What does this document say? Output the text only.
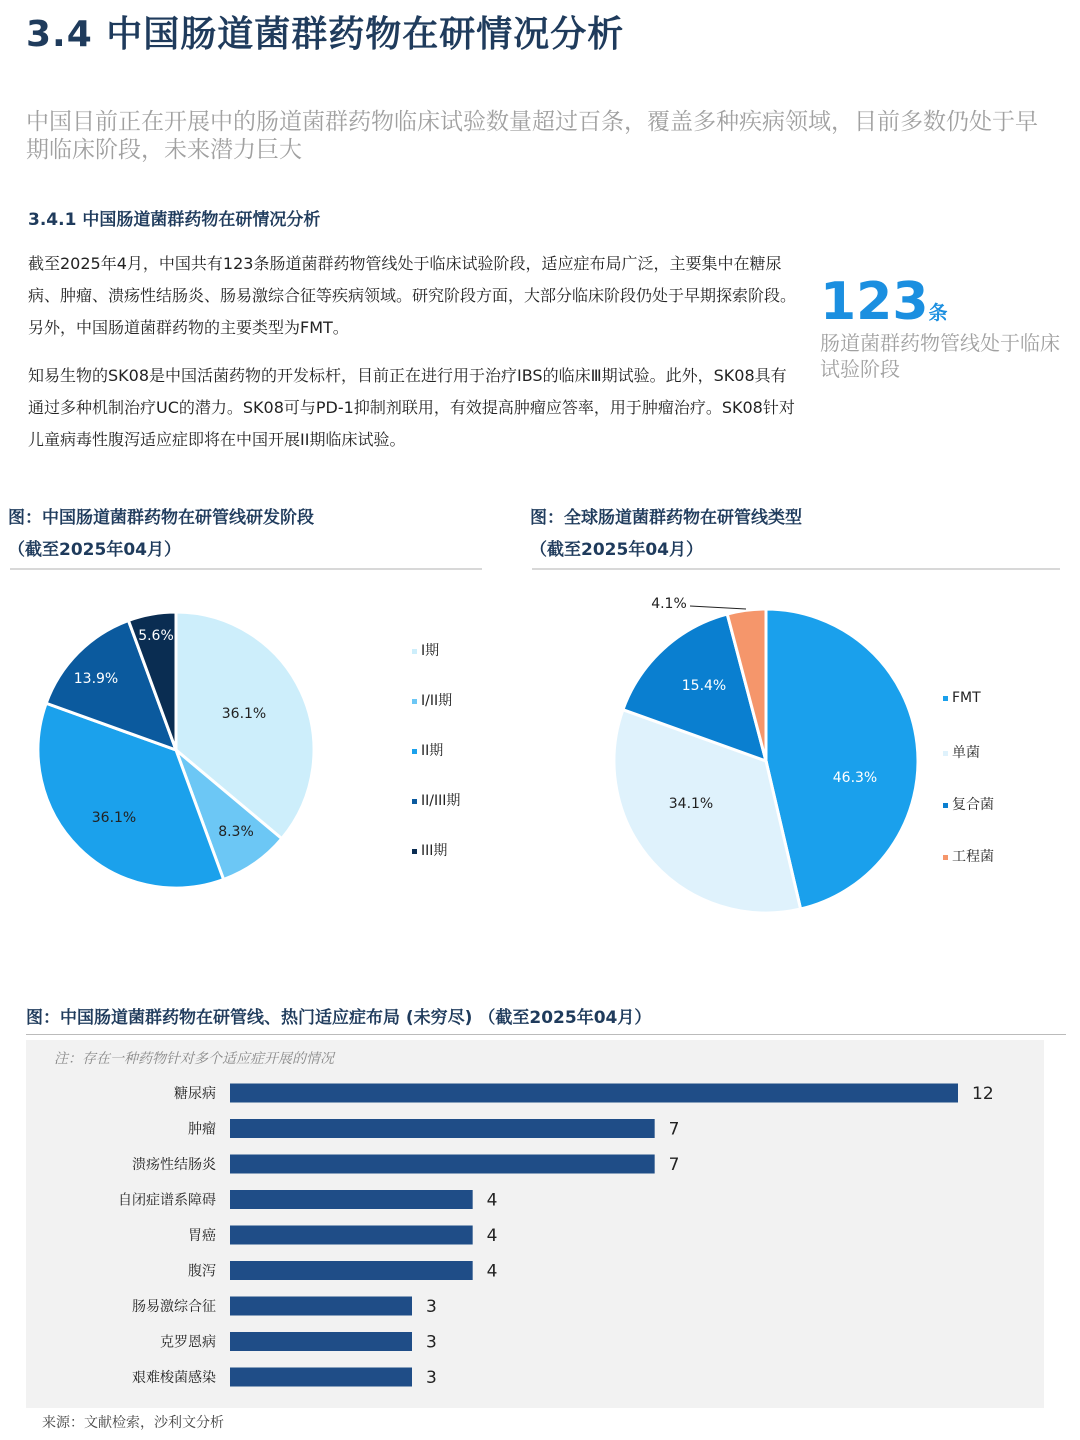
3.4 中国肠道菌群药物在研情况分析
中国目前正在开展中的肠道菌群药物临床试验数量超过百条，覆盖多种疾病领域，目前多数仍处于早期临床阶段，未来潜力巨大
3.4.1 中国肠道菌群药物在研情况分析

截至2025年4月，中国共有123条肠道菌群药物管线处于临床试验阶段，适应症布局广泛，主要集中在糖尿病、肿瘤、溃疡性结肠炎、肠易激综合征等疾病领域。研究阶段方面，大部分临床阶段仍处于早期探索阶段。另外，中国肠道菌群药物的主要类型为FMT。

知易生物的SK08是中国活菌药物的开发标杆，目前正在进行用于治疗IBS的临床Ⅲ期试验。此外，SK08具有通过多种机制治疗UC的潜力。SK08可与PD-1抑制剂联用，有效提高肿瘤应答率，用于肿瘤治疗。SK08针对儿童病毒性腹泻适应症即将在中国开展II期临床试验。

123条
肠道菌群药物管线处于临床试验阶段
图：中国肠道菌群药物在研管线研发阶段
（截至2025年04月）
图：全球肠道菌群药物在研管线类型
（截至2025年04月）
36.1%
8.3%
36.1%
13.9%
5.6%
I期
I/II期
II期
II/III期
III期
46.3%
34.1%
15.4%
4.1%
FMT
单菌
复合菌
工程菌
图：中国肠道菌群药物在研管线、热门适应症布局 (未穷尽) （截至2025年04月）
注：存在一种药物针对多个适应症开展的情况
糖尿病	12
肿瘤	7
溃疡性结肠炎	7
自闭症谱系障碍	4
胃癌	4
腹泻	4
肠易激综合征	3
克罗恩病	3
艰难梭菌感染	3
来源：文献检索，沙利文分析
